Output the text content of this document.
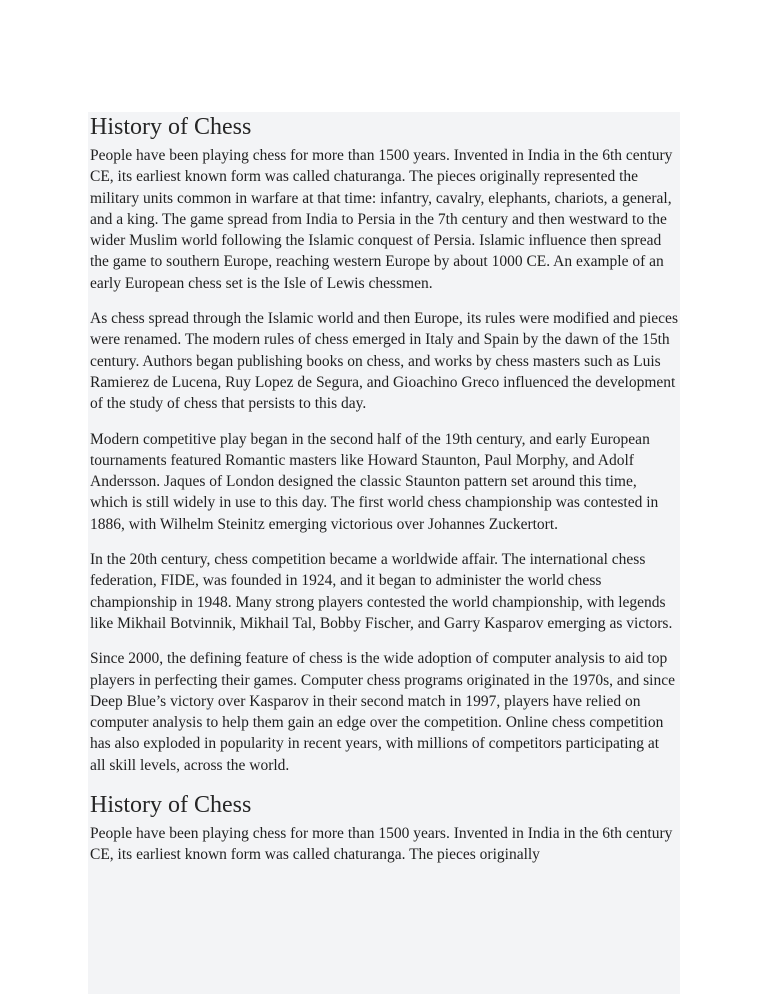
History of Chess

People have been playing chess for more than 1500 years. Invented in India in the 6th century CE, its earliest known form was called chaturanga. The pieces originally represented the military units common in warfare at that time: infantry, cavalry, elephants, chariots, a general, and a king. The game spread from India to Persia in the 7th century and then westward to the wider Muslim world following the Islamic conquest of Persia. Islamic influence then spread the game to southern Europe, reaching western Europe by about 1000 CE. An example of an early European chess set is the Isle of Lewis chessmen.

As chess spread through the Islamic world and then Europe, its rules were modified and pieces were renamed. The modern rules of chess emerged in Italy and Spain by the dawn of the 15th century. Authors began publishing books on chess, and works by chess masters such as Luis Ramierez de Lucena, Ruy Lopez de Segura, and Gioachino Greco influenced the development of the study of chess that persists to this day.

Modern competitive play began in the second half of the 19th century, and early European tournaments featured Romantic masters like Howard Staunton, Paul Morphy, and Adolf Andersson. Jaques of London designed the classic Staunton pattern set around this time, which is still widely in use to this day. The first world chess championship was contested in 1886, with Wilhelm Steinitz emerging victorious over Johannes Zuckertort.

In the 20th century, chess competition became a worldwide affair. The international chess federation, FIDE, was founded in 1924, and it began to administer the world chess championship in 1948. Many strong players contested the world championship, with legends like Mikhail Botvinnik, Mikhail Tal, Bobby Fischer, and Garry Kasparov emerging as victors.

Since 2000, the defining feature of chess is the wide adoption of computer analysis to aid top players in perfecting their games. Computer chess programs originated in the 1970s, and since Deep Blue’s victory over Kasparov in their second match in 1997, players have relied on computer analysis to help them gain an edge over the competition. Online chess competition has also exploded in popularity in recent years, with millions of competitors participating at all skill levels, across the world.

History of Chess

People have been playing chess for more than 1500 years. Invented in India in the 6th century CE, its earliest known form was called chaturanga. The pieces originally
